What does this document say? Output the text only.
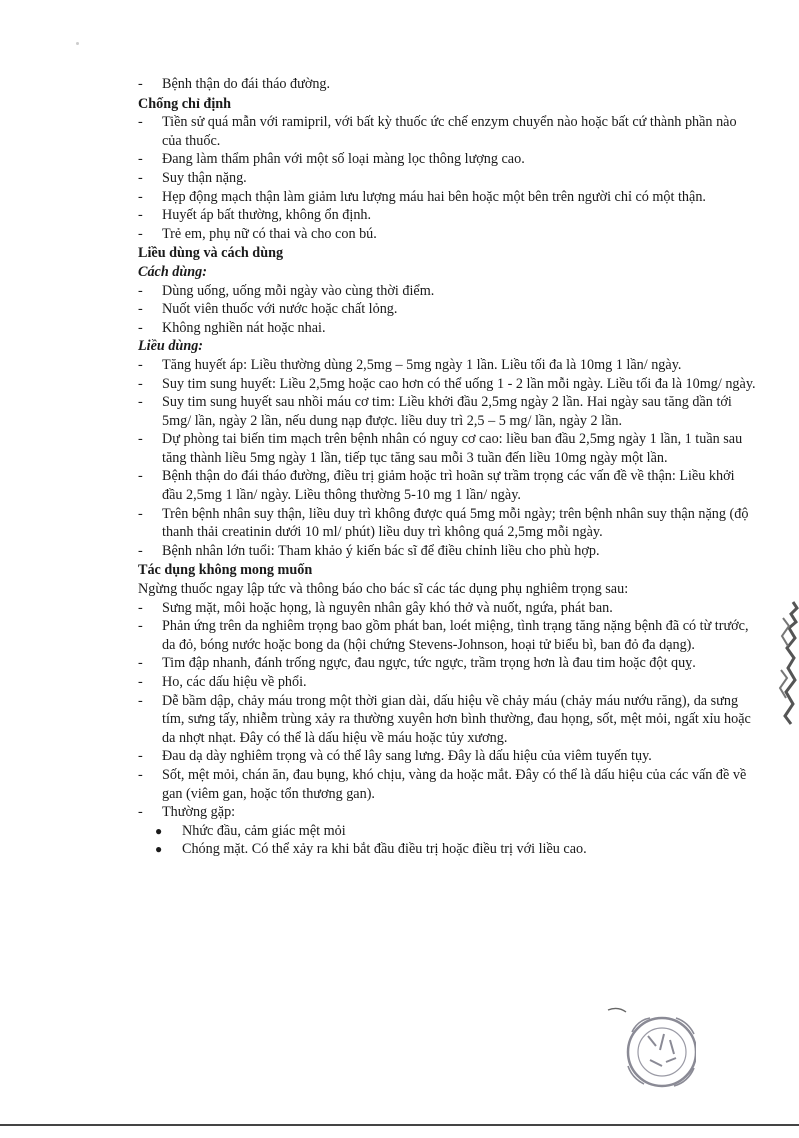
- Bệnh thận do đái tháo đường.
Chống chỉ định
- Tiền sử quá mẫn với ramipril, với bất kỳ thuốc ức chế enzym chuyển nào hoặc bất cứ thành phần nào của thuốc.
- Đang làm thẩm phân với một số loại màng lọc thông lượng cao.
- Suy thận nặng.
- Hẹp động mạch thận làm giảm lưu lượng máu hai bên hoặc một bên trên người chỉ có một thận.
- Huyết áp bất thường, không ổn định.
- Trẻ em, phụ nữ có thai và cho con bú.
Liều dùng và cách dùng
Cách dùng:
- Dùng uống, uống mỗi ngày vào cùng thời điểm.
- Nuốt viên thuốc với nước hoặc chất lỏng.
- Không nghiền nát hoặc nhai.
Liều dùng:
- Tăng huyết áp: Liều thường dùng 2,5mg – 5mg ngày 1 lần. Liều tối đa là 10mg 1 lần/ ngày.
- Suy tim sung huyết: Liều 2,5mg hoặc cao hơn có thể uống 1 - 2 lần mỗi ngày. Liều tối đa là 10mg/ ngày.
- Suy tim sung huyết sau nhồi máu cơ tim: Liều khởi đầu 2,5mg ngày 2 lần. Hai ngày sau tăng dần tới 5mg/ lần, ngày 2 lần, nếu dung nạp được. liều duy trì 2,5 – 5 mg/ lần, ngày 2 lần.
- Dự phòng tai biến tim mạch trên bệnh nhân có nguy cơ cao: liều ban đầu 2,5mg ngày 1 lần, 1 tuần sau tăng thành liều 5mg ngày 1 lần, tiếp tục tăng sau mỗi 3 tuần đến liều 10mg ngày một lần.
- Bệnh thận do đái tháo đường, điều trị giảm hoặc trì hoãn sự trầm trọng các vấn đề về thận: Liều khởi đầu 2,5mg 1 lần/ ngày. Liều thông thường 5-10 mg 1 lần/ ngày.
- Trên bệnh nhân suy thận, liều duy trì không được quá 5mg mỗi ngày; trên bệnh nhân suy thận nặng (độ thanh thải creatinin dưới 10 ml/ phút) liều duy trì không quá 2,5mg mỗi ngày.
- Bệnh nhân lớn tuổi: Tham khảo ý kiến bác sĩ để điều chỉnh liều cho phù hợp.
Tác dụng không mong muốn
Ngừng thuốc ngay lập tức và thông báo cho bác sĩ các tác dụng phụ nghiêm trọng sau:
- Sưng mặt, môi hoặc họng, là nguyên nhân gây khó thở và nuốt, ngứa, phát ban.
- Phản ứng trên da nghiêm trọng bao gồm phát ban, loét miệng, tình trạng tăng nặng bệnh đã có từ trước, da đỏ, bóng nước hoặc bong da (hội chứng Stevens-Johnson, hoại tử biểu bì, ban đỏ đa dạng).
- Tim đập nhanh, đánh trống ngực, đau ngực, tức ngực, trầm trọng hơn là đau tim hoặc đột quỵ.
- Ho, các dấu hiệu về phổi.
- Dễ bầm dập, chảy máu trong một thời gian dài, dấu hiệu về chảy máu (chảy máu nướu răng), da sưng tím, sưng tấy, nhiễm trùng xảy ra thường xuyên hơn bình thường, đau họng, sốt, mệt mỏi, ngất xỉu hoặc da nhợt nhạt. Đây có thể là dấu hiệu về máu hoặc tủy xương.
- Đau dạ dày nghiêm trọng và có thể lây sang lưng. Đây là dấu hiệu của viêm tuyến tụy.
- Sốt, mệt mỏi, chán ăn, đau bụng, khó chịu, vàng da hoặc mắt. Đây có thể là dấu hiệu của các vấn đề về gan (viêm gan, hoặc tổn thương gan).
- Thường gặp:
● Nhức đầu, cảm giác mệt mỏi
● Chóng mặt. Có thể xảy ra khi bắt đầu điều trị hoặc điều trị với liều cao.
